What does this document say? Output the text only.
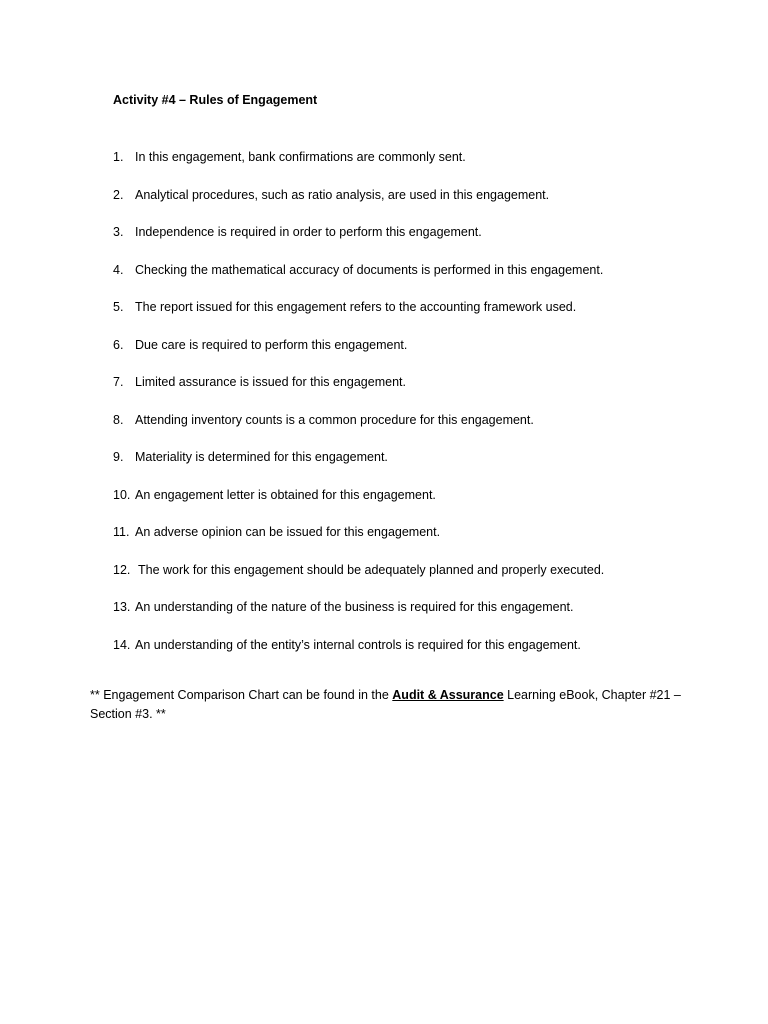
Activity #4 – Rules of Engagement
1. In this engagement, bank confirmations are commonly sent.
2. Analytical procedures, such as ratio analysis, are used in this engagement.
3. Independence is required in order to perform this engagement.
4. Checking the mathematical accuracy of documents is performed in this engagement.
5. The report issued for this engagement refers to the accounting framework used.
6. Due care is required to perform this engagement.
7. Limited assurance is issued for this engagement.
8. Attending inventory counts is a common procedure for this engagement.
9. Materiality is determined for this engagement.
10. An engagement letter is obtained for this engagement.
11. An adverse opinion can be issued for this engagement.
12. The work for this engagement should be adequately planned and properly executed.
13. An understanding of the nature of the business is required for this engagement.
14. An understanding of the entity’s internal controls is required for this engagement.
** Engagement Comparison Chart can be found in the Audit & Assurance Learning eBook, Chapter #21 – Section #3. **
